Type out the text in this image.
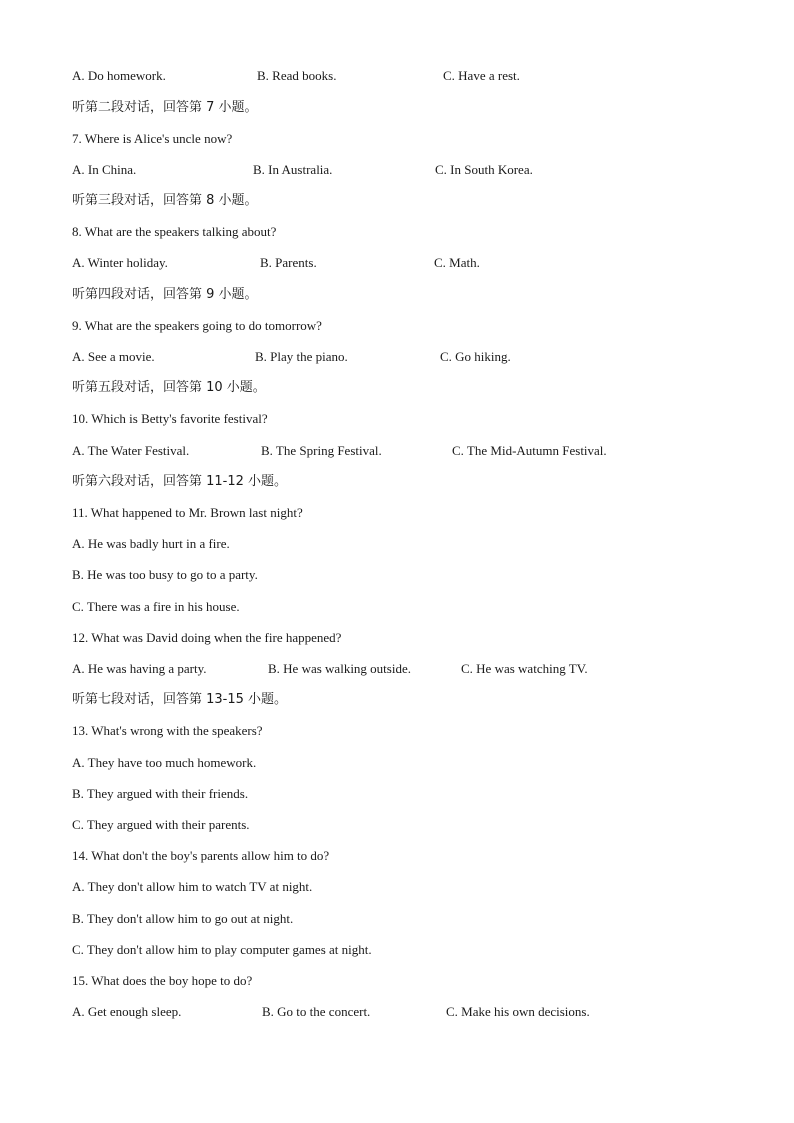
A. Do homework.	B. Read books.	C. Have a rest.
听第二段对话，回答第 7 小题。
7. Where is Alice's uncle now?
A. In China.	B. In Australia.	C. In South Korea.
听第三段对话，回答第 8 小题。
8. What are the speakers talking about?
A. Winter holiday.	B. Parents.	C. Math.
听第四段对话，回答第 9 小题。
9. What are the speakers going to do tomorrow?
A. See a movie.	B. Play the piano.	C. Go hiking.
听第五段对话，回答第 10 小题。
10. Which is Betty's favorite festival?
A. The Water Festival.	B. The Spring Festival.	C. The Mid-Autumn Festival.
听第六段对话，回答第 11-12 小题。
11. What happened to Mr. Brown last night?
A. He was badly hurt in a fire.
B. He was too busy to go to a party.
C. There was a fire in his house.
12. What was David doing when the fire happened?
A. He was having a party.	B. He was walking outside.	C. He was watching TV.
听第七段对话，回答第 13-15 小题。
13. What's wrong with the speakers?
A. They have too much homework.
B. They argued with their friends.
C. They argued with their parents.
14. What don't the boy's parents allow him to do?
A. They don't allow him to watch TV at night.
B. They don't allow him to go out at night.
C. They don't allow him to play computer games at night.
15. What does the boy hope to do?
A. Get enough sleep.	B. Go to the concert.	C. Make his own decisions.
